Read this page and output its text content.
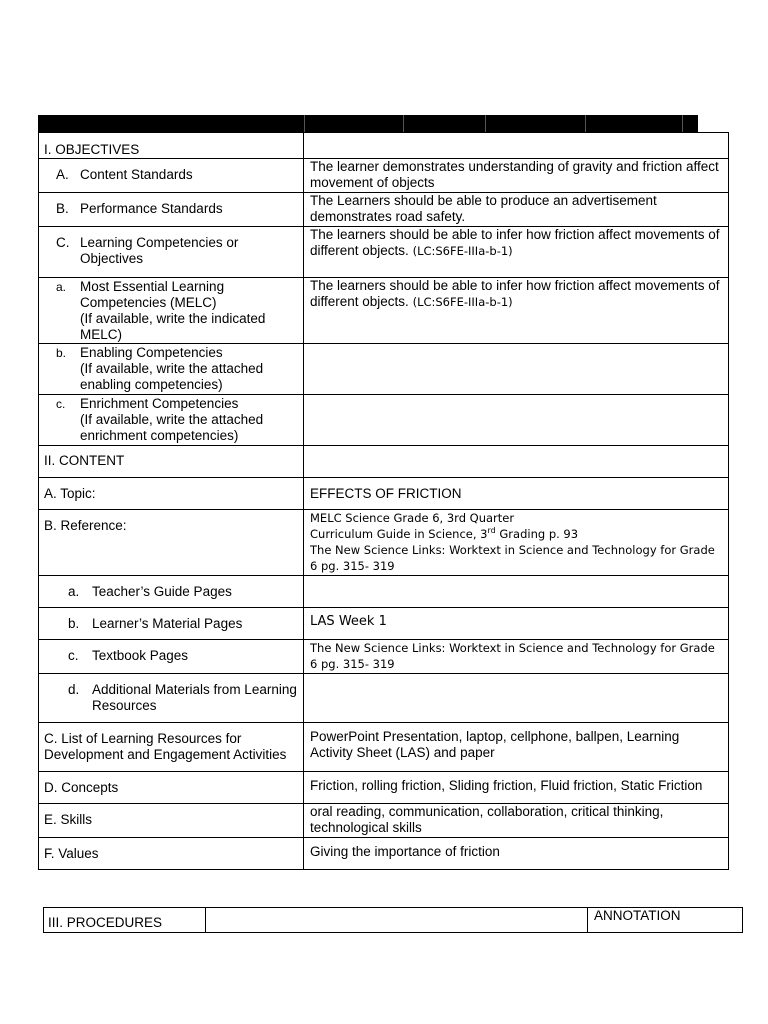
I. OBJECTIVES	

A. Content Standards	The learner demonstrates understanding of gravity and friction affect movement of objects

B. Performance Standards	The Learners should be able to produce an advertisement demonstrates road safety.

C. Learning Competencies or Objectives	The learners should be able to infer how friction affect movements of different objects. (LC:S6FE-IIIa-b-1)

a. Most Essential Learning Competencies (MELC)
(If available, write the indicated MELC)	The learners should be able to infer how friction affect movements of different objects. (LC:S6FE-IIIa-b-1)

b. Enabling Competencies
(If available, write the attached enabling competencies)	

c. Enrichment Competencies
(If available, write the attached enrichment competencies)	

II. CONTENT	

A. Topic:	EFFECTS OF FRICTION

B. Reference:	MELC Science Grade 6, 3rd Quarter
Curriculum Guide in Science, 3rd Grading p. 93
The New Science Links: Worktext in Science and Technology for Grade 6 pg. 315- 319

a. Teacher’s Guide Pages	

b. Learner’s Material Pages	LAS Week 1

c. Textbook Pages	The New Science Links: Worktext in Science and Technology for Grade 6 pg. 315- 319

d. Additional Materials from Learning Resources	

C. List of Learning Resources for Development and Engagement Activities	PowerPoint Presentation, laptop, cellphone, ballpen, Learning Activity Sheet (LAS) and paper

D. Concepts	Friction, rolling friction, Sliding friction, Fluid friction, Static Friction

E. Skills	oral reading, communication, collaboration, critical thinking, technological skills

F. Values	Giving the importance of friction
III. PROCEDURES		ANNOTATION
